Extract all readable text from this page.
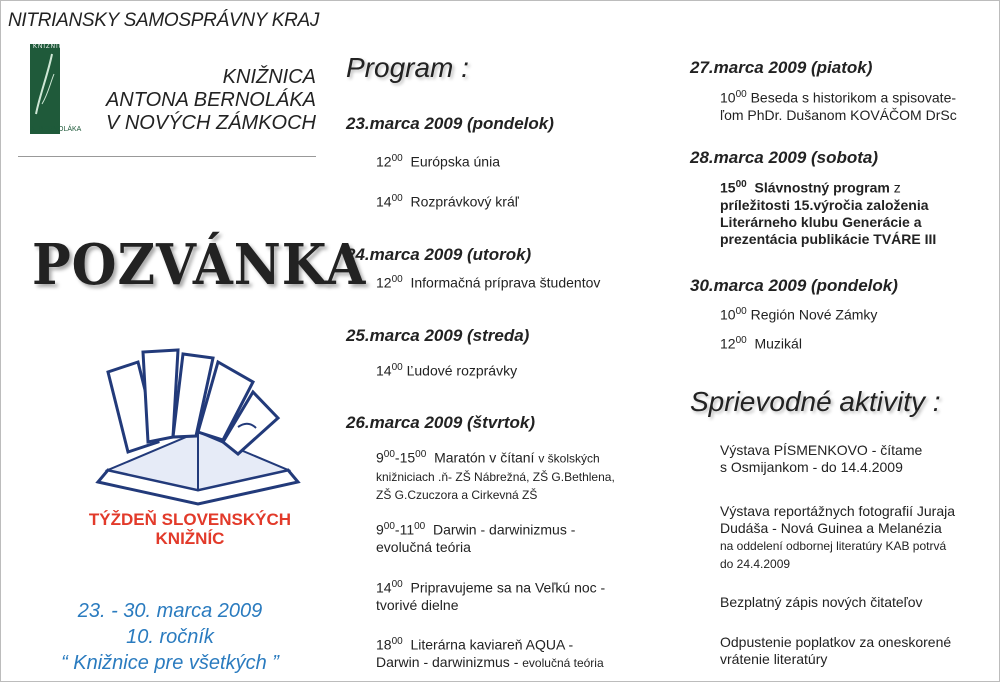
NITRIANSKY SAMOSPRÁVNY KRAJ
KNIŽNICA
A. BERNOLÁKA
KNIŽNICA
ANTONA BERNOLÁKA
V NOVÝCH ZÁMKOCH
POZVÁNKA
TÝŽDEŇ SLOVENSKÝCH
KNIŽNÍC
23. - 30. marca 2009
10. ročník
“ Knižnice pre všetkých ”
Program :
23.marca 2009 (pondelok)
$12^{00}$ Európska únia
$14^{00}$ Rozprávkový kráľ
24.marca 2009 (utorok)
$12^{00}$ Informačná príprava študentov
25.marca 2009 (streda)
$14^{00}$ Ľudové rozprávky
26.marca 2009 (štvrtok)
$9^{00}-15^{00}$ Maratón v čítaní v školských
knižniciach .ň- ZŠ Nábrežná, ZŠ G.Bethlena,
ZŠ G.Czuczora a Cirkevná ZŠ
$9^{00}-11^{00}$ Darwin - darwinizmus -
evolučná teória
$14^{00}$ Pripravujeme sa na Veľkú noc -
tvorivé dielne
$18^{00}$ Literárna kaviareň AQUA -
Darwin - darwinizmus - evolučná teória
27.marca 2009 (piatok)
$10^{00}$ Beseda s historikom a spisovate-
ľom PhDr. Dušanom KOVÁČOM DrSc
28.marca 2009 (sobota)
$15^{00}$ Slávnostný program z
príležitosti 15.výročia založenia
Literárneho klubu Generácie a
prezentácia publikácie TVÁRE III
30.marca 2009 (pondelok)
$10^{00}$ Región Nové Zámky
$12^{00}$ Muzikál
Sprievodné aktivity :
Výstava PÍSMENKOVO - čítame
s Osmijankom - do 14.4.2009
Výstava reportážnych fotografií Juraja
Dudáša - Nová Guinea a Melanézia
na oddelení odbornej literatúry KAB potrvá
do 24.4.2009
Bezplatný zápis nových čitateľov
Odpustenie poplatkov za oneskorené
vrátenie literatúry
